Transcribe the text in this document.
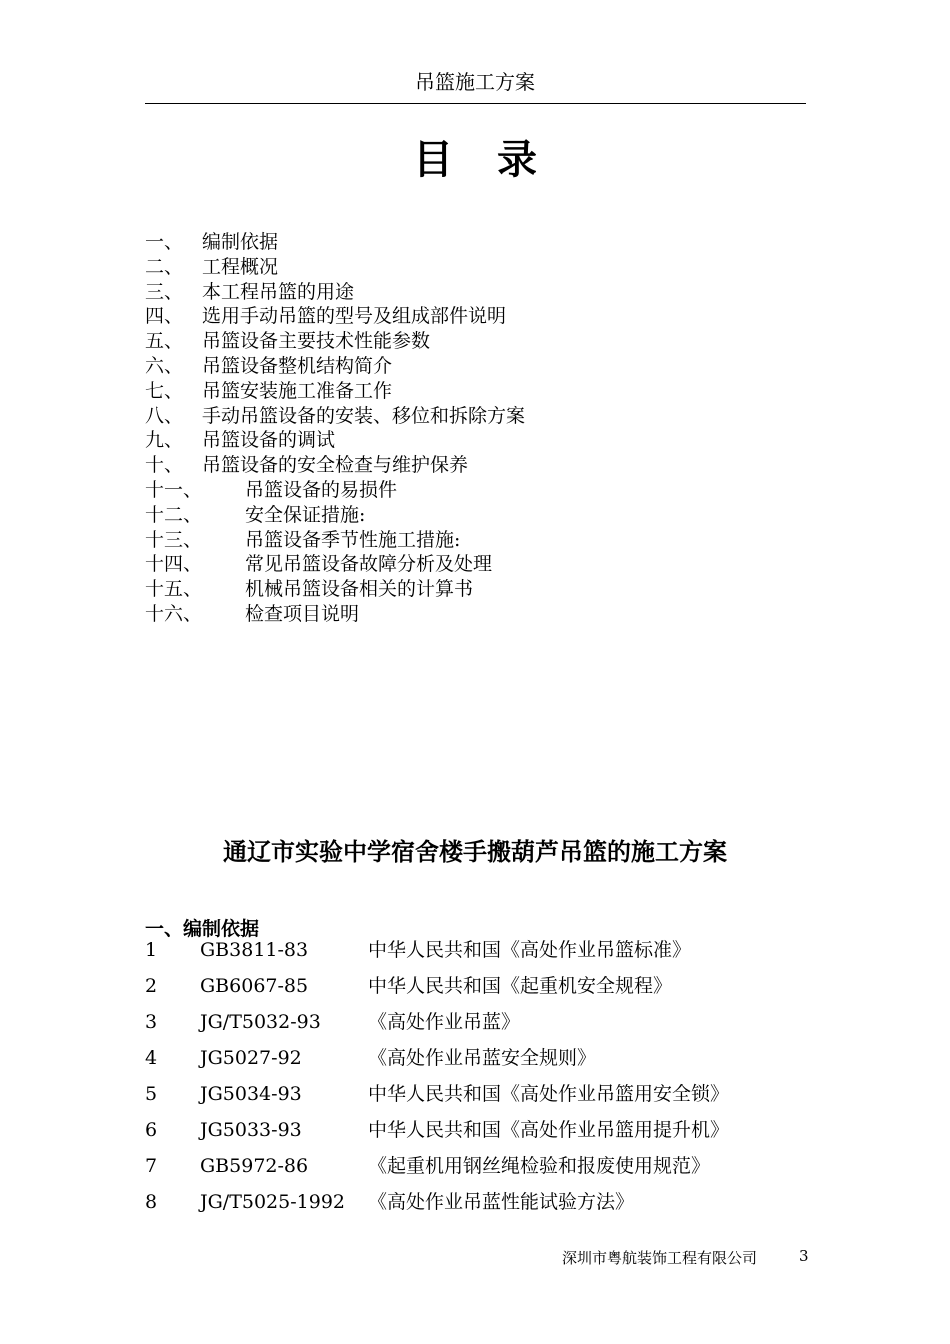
吊篮施工方案
目 录
一、 编制依据
二、 工程概况
三、 本工程吊篮的用途
四、 选用手动吊篮的型号及组成部件说明
五、 吊篮设备主要技术性能参数
六、 吊篮设备整机结构简介
七、 吊篮安装施工准备工作
八、 手动吊篮设备的安装、移位和拆除方案
九、 吊篮设备的调试
十、 吊篮设备的安全检查与维护保养
十一、	吊篮设备的易损件
十二、	安全保证措施:
十三、	吊篮设备季节性施工措施:
十四、	常见吊篮设备故障分析及处理
十五、	机械吊篮设备相关的计算书
十六、	检查项目说明
通辽市实验中学宿舍楼手搬葫芦吊篮的施工方案
一、编制依据
1	GB3811-83	中华人民共和国《高处作业吊篮标准》
2	GB6067-85	中华人民共和国《起重机安全规程》
3	JG/T5032-93	《高处作业吊蓝》
4	JG5027-92	《高处作业吊蓝安全规则》
5	JG5034-93	中华人民共和国《高处作业吊篮用安全锁》
6	JG5033-93	中华人民共和国《高处作业吊篮用提升机》
7	GB5972-86	《起重机用钢丝绳检验和报废使用规范》
8	JG/T5025-1992	《高处作业吊蓝性能试验方法》
深圳市粤航装饰工程有限公司	3
